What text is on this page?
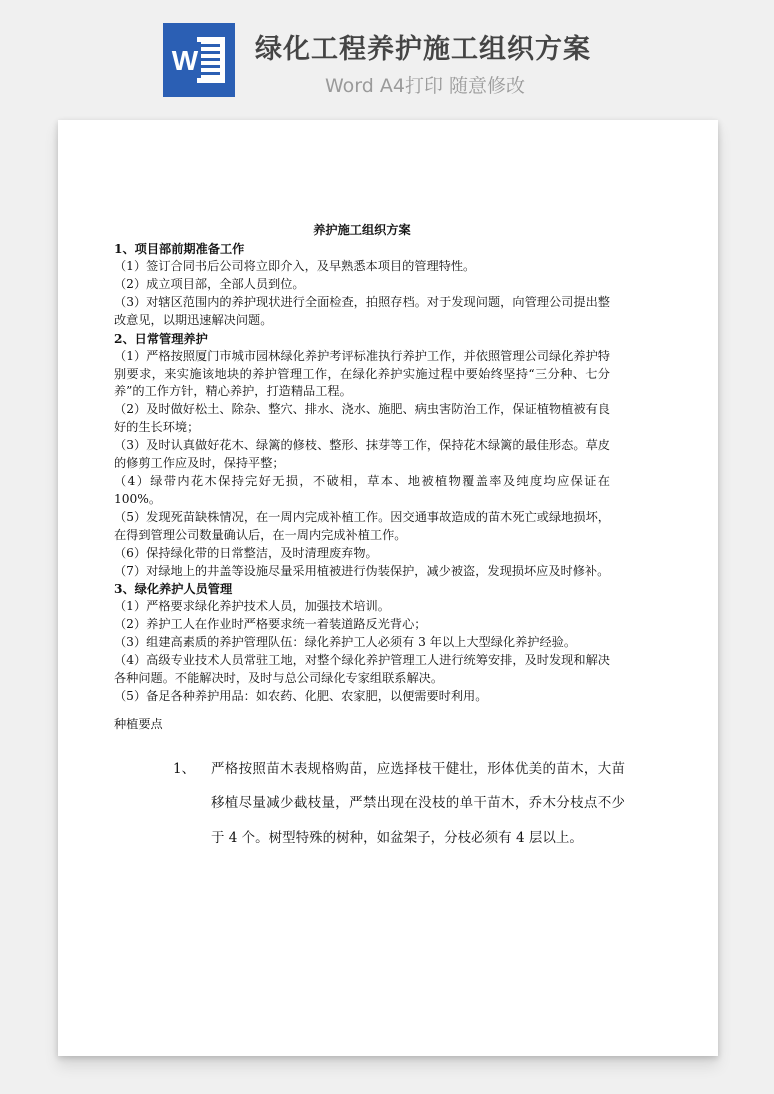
W 绿化工程养护施工组织方案
Word A4打印 随意修改
养护施工组织方案
1、项目部前期准备工作
（1）签订合同书后公司将立即介入，及早熟悉本项目的管理特性。
（2）成立项目部，全部人员到位。
（3）对辖区范围内的养护现状进行全面检查，拍照存档。对于发现问题，向管理公司提出整改意见，以期迅速解决问题。
2、日常管理养护
（1）严格按照厦门市城市园林绿化养护考评标准执行养护工作，并依照管理公司绿化养护特别要求，来实施该地块的养护管理工作，在绿化养护实施过程中要始终坚持“三分种、七分养”的工作方针，精心养护，打造精品工程。
（2）及时做好松土、除杂、整穴、排水、浇水、施肥、病虫害防治工作，保证植物植被有良好的生长环境；
（3）及时认真做好花木、绿篱的修枝、整形、抹芽等工作，保持花木绿篱的最佳形态。草皮的修剪工作应及时，保持平整；
（4）绿带内花木保持完好无损，不破相，草本、地被植物覆盖率及纯度均应保证在 100%。
（5）发现死苗缺株情况，在一周内完成补植工作。因交通事故造成的苗木死亡或绿地损坏，在得到管理公司数量确认后，在一周内完成补植工作。
（6）保持绿化带的日常整洁，及时清理废弃物。
（7）对绿地上的井盖等设施尽量采用植被进行伪装保护，减少被盗，发现损坏应及时修补。
3、绿化养护人员管理
（1）严格要求绿化养护技术人员，加强技术培训。
（2）养护工人在作业时严格要求统一着装道路反光背心；
（3）组建高素质的养护管理队伍：绿化养护工人必须有 3 年以上大型绿化养护经验。
（4）高级专业技术人员常驻工地，对整个绿化养护管理工人进行统筹安排，及时发现和解决各种问题。不能解决时，及时与总公司绿化专家组联系解决。
（5）备足各种养护用品：如农药、化肥、农家肥，以便需要时利用。
种植要点
1、 严格按照苗木表规格购苗，应选择枝干健壮，形体优美的苗木，大苗移植尽量减少截枝量，严禁出现在没枝的单干苗木，乔木分枝点不少于 4 个。树型特殊的树种，如盆架子，分枝必须有 4 层以上。
